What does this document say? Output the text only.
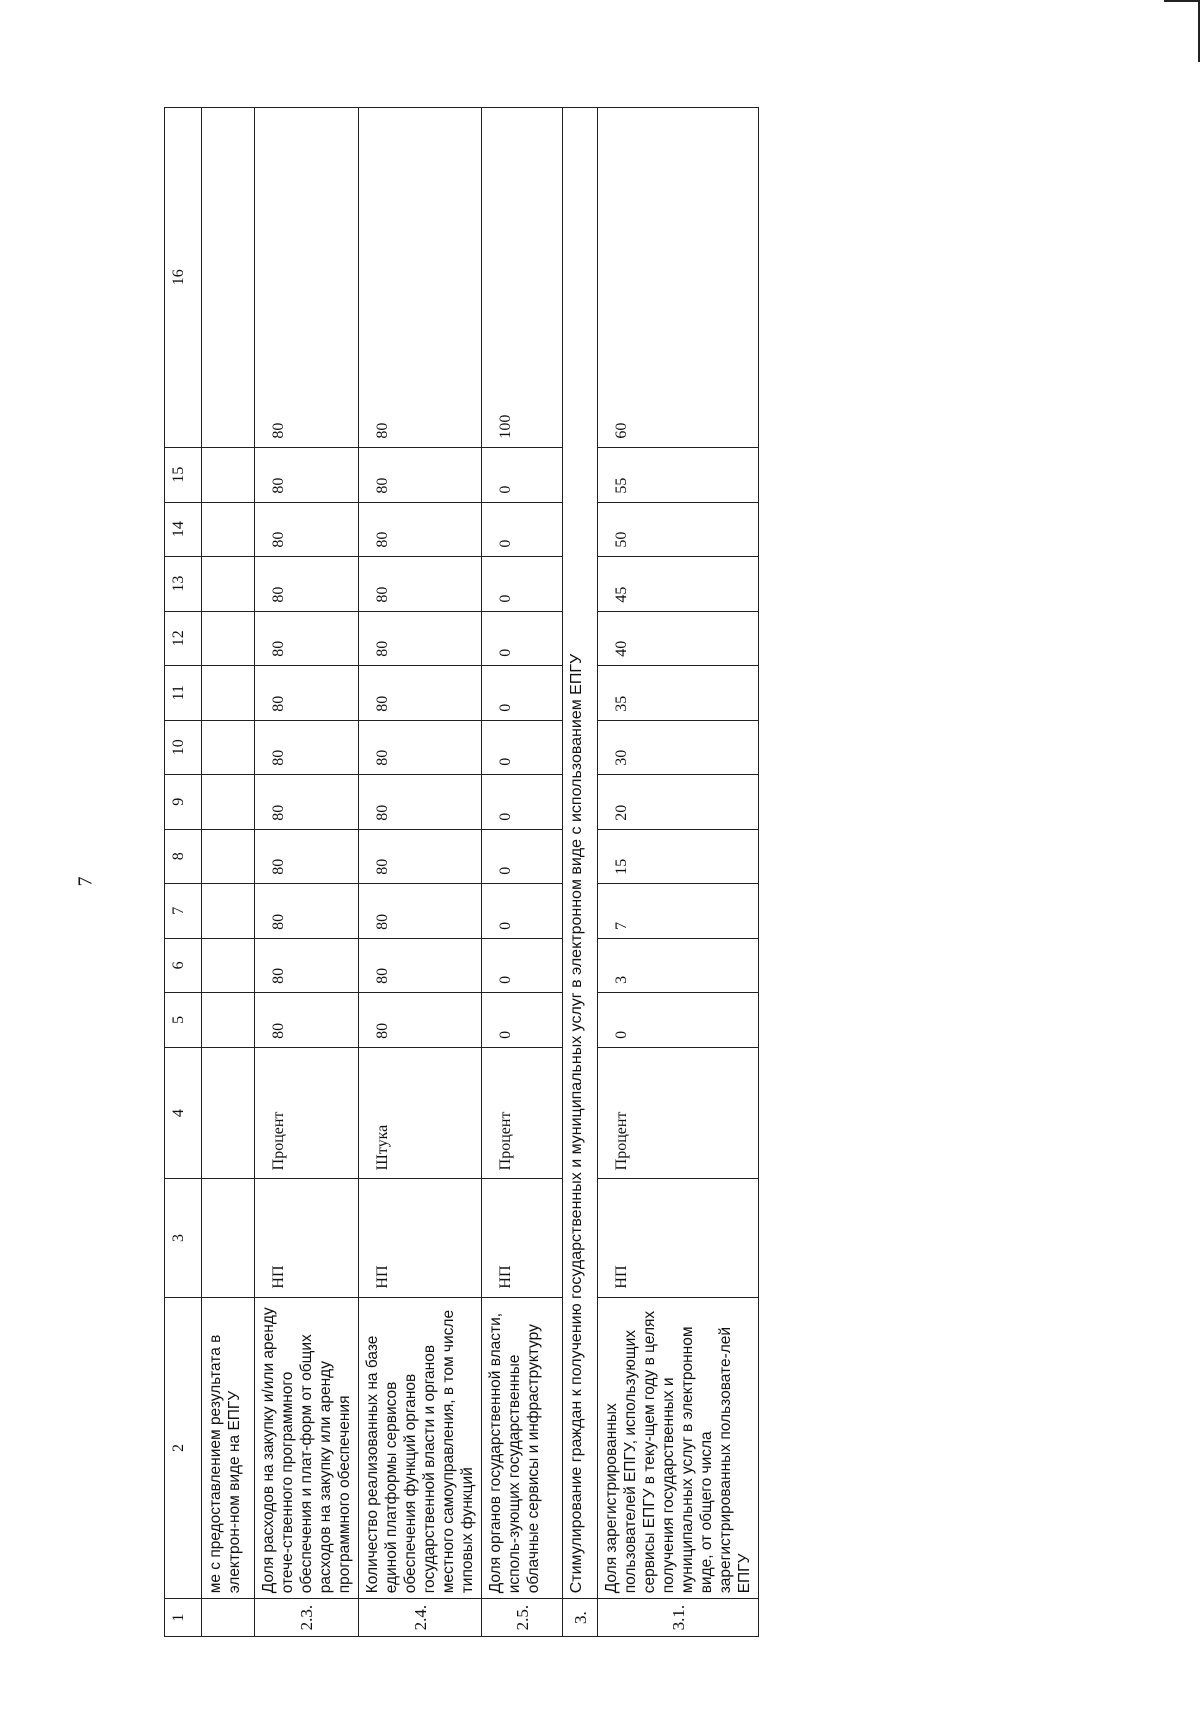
7
1	2	3	4	5	6	7	8	9	10	11	12	13	14	15	16
	ме с предоставлением результата в электрон-ном виде на ЕПГУ														
2.3.	Доля расходов на закупку и/или аренду отече-ственного программного обеспечения и плат-форм от общих расходов на закупку или аренду программного обеспечения	НП	Процент	80	80	80	80	80	80	80	80	80	80	80	80
2.4.	Количество реализованных на базе единой платформы сервисов обеспечения функций органов государственной власти и органов местного самоуправления, в том числе типовых функций	НП	Штука	80	80	80	80	80	80	80	80	80	80	80	80
2.5.	Доля органов государственной власти, исполь-зующих государственные облачные сервисы и инфраструктуру	НП	Процент	0	0	0	0	0	0	0	0	0	0	0	100
3.	Стимулирование граждан к получению государственных и муниципальных услуг в электронном виде с использованием ЕПГУ														
3.1.	Доля зарегистрированных пользователей ЕПГУ, использующих сервисы ЕПГУ в теку-щем году в целях получения государственных и муниципальных услуг в электронном виде, от общего числа зарегистрированных пользовате-лей ЕПГУ	НП	Процент	0	3	7	15	20	30	35	40	45	50	55	60
